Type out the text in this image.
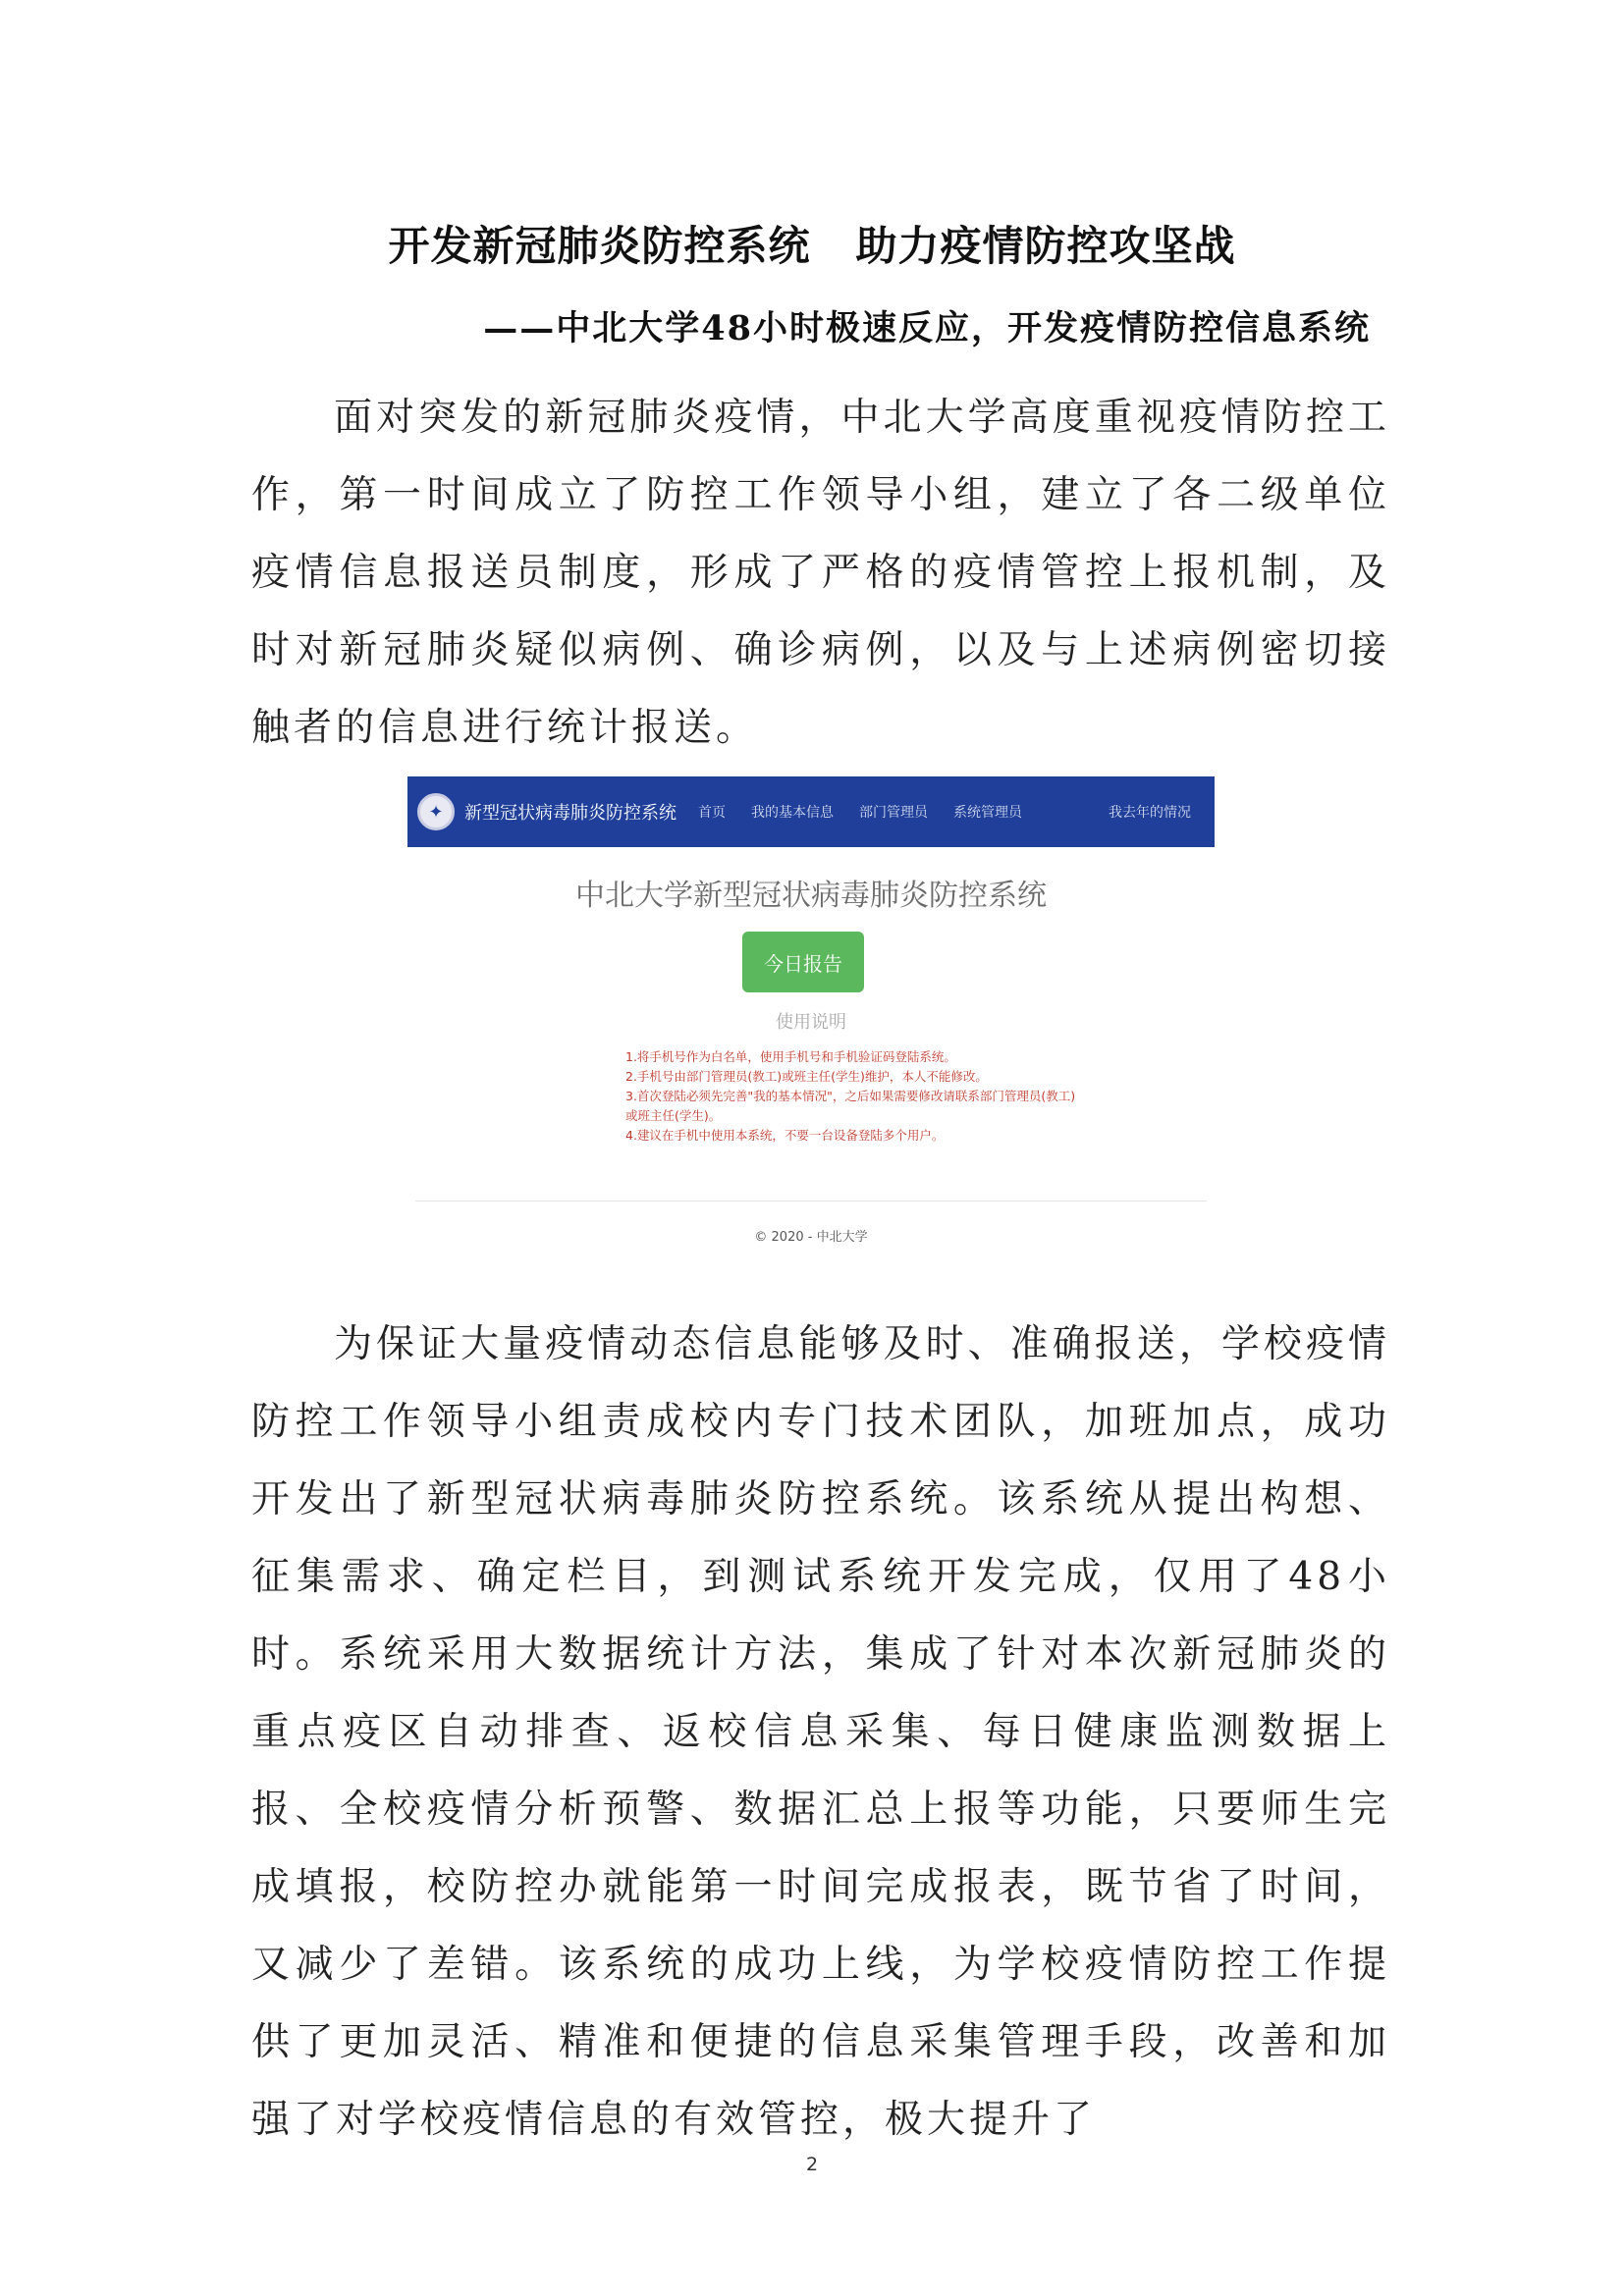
开发新冠肺炎防控系统 助力疫情防控攻坚战
——中北大学48小时极速反应，开发疫情防控信息系统

面对突发的新冠肺炎疫情，中北大学高度重视疫情防控工作，第一时间成立了防控工作领导小组，建立了各二级单位疫情信息报送员制度，形成了严格的疫情管控上报机制，及时对新冠肺炎疑似病例、确诊病例，以及与上述病例密切接触者的信息进行统计报送。

✦	新型冠状病毒肺炎防控系统 首页 我的基本信息 部门管理员 系统管理员	我去年的情况
中北大学新型冠状病毒肺炎防控系统
今日报告
使用说明
1.将手机号作为白名单，使用手机号和手机验证码登陆系统。
2.手机号由部门管理员(教工)或班主任(学生)维护，本人不能修改。
3.首次登陆必须先完善"我的基本情况"，之后如果需要修改请联系部门管理员(教工)
或班主任(学生)。
4.建议在手机中使用本系统，不要一台设备登陆多个用户。
© 2020 - 中北大学

为保证大量疫情动态信息能够及时、准确报送，学校疫情防控工作领导小组责成校内专门技术团队，加班加点，成功开发出了新型冠状病毒肺炎防控系统。该系统从提出构想、征集需求、确定栏目，到测试系统开发完成，仅用了48小时。系统采用大数据统计方法，集成了针对本次新冠肺炎的重点疫区自动排查、返校信息采集、每日健康监测数据上报、全校疫情分析预警、数据汇总上报等功能，只要师生完成填报，校防控办就能第一时间完成报表，既节省了时间，又减少了差错。该系统的成功上线，为学校疫情防控工作提供了更加灵活、精准和便捷的信息采集管理手段，改善和加强了对学校疫情信息的有效管控，极大提升了

2
